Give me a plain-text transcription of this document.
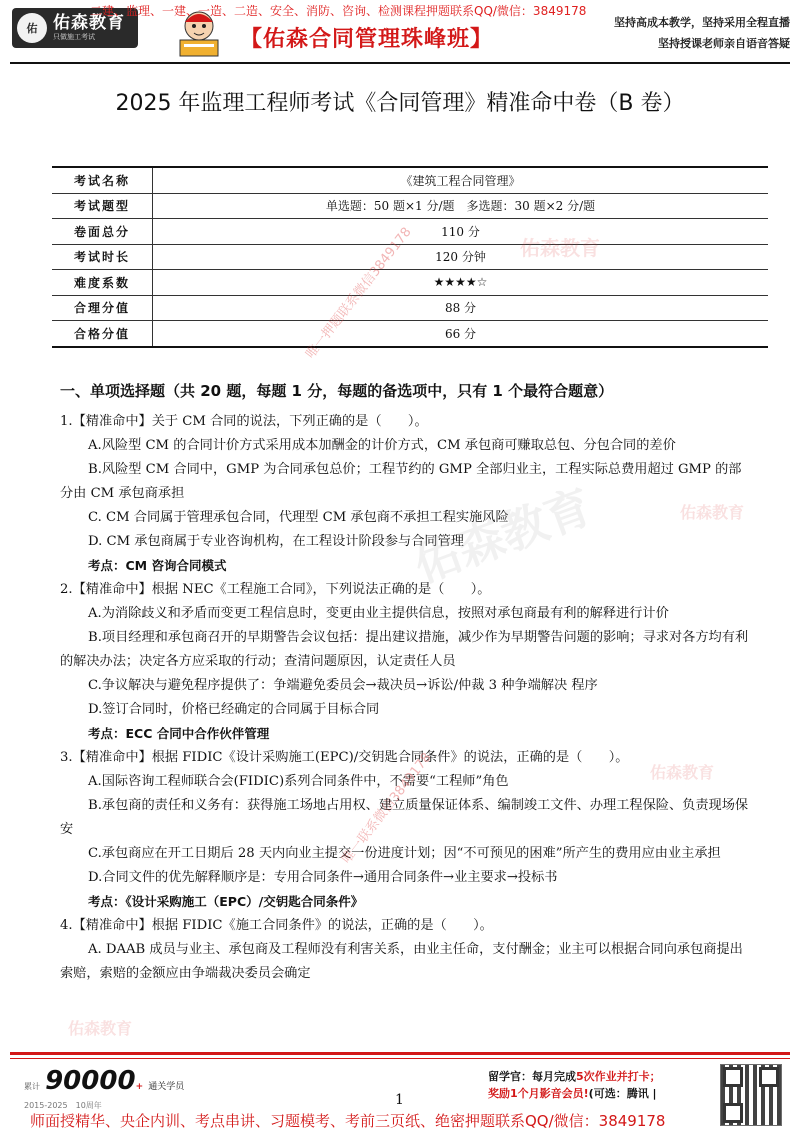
佑 佑森教育
只做施工考试
二建、监理、一建、一造、二造、安全、消防、咨询、检测课程押题联系QQ/微信：3849178
【佑森合同管理珠峰班】
坚持高成本教学，坚持采用全程直播
坚持授课老师亲自语音答疑
2025 年监理工程师考试《合同管理》精准命中卷（B 卷）
考试名称	《建筑工程合同管理》
考试题型	单选题：50 题×1 分/题　多选题：30 题×2 分/题
卷面总分	110 分
考试时长	120 分钟
难度系数	★★★★☆
合理分值	88 分
合格分值	66 分
一、单项选择题（共 20 题，每题 1 分，每题的备选项中，只有 1 个最符合题意）

1.【精准命中】关于 CM 合同的说法，下列正确的是（　　）。

A.风险型 CM 的合同计价方式采用成本加酬金的计价方式，CM 承包商可赚取总包、分包合同的差价

B.风险型 CM 合同中，GMP 为合同承包总价；工程节约的 GMP 全部归业主，工程实际总费用超过 GMP 的部分由 CM 承包商承担

C. CM 合同属于管理承包合同，代理型 CM 承包商不承担工程实施风险

D. CM 承包商属于专业咨询机构，在工程设计阶段参与合同管理

考点：CM 咨询合同模式

2.【精准命中】根据 NEC《工程施工合同》，下列说法正确的是（　　）。

A.为消除歧义和矛盾而变更工程信息时，变更由业主提供信息，按照对承包商最有利的解释进行计价

B.项目经理和承包商召开的早期警告会议包括：提出建议措施，减少作为早期警告问题的影响；寻求对各方均有利的解决办法；决定各方应采取的行动；查清问题原因，认定责任人员

C.争议解决与避免程序提供了：争端避免委员会→裁决员→诉讼/仲裁 3 种争端解决 程序

D.签订合同时，价格已经确定的合同属于目标合同

考点：ECC 合同中合作伙伴管理

3.【精准命中】根据 FIDIC《设计采购施工(EPC)/交钥匙合同条件》的说法，正确的是（　　）。

A.国际咨询工程师联合会(FIDIC)系列合同条件中，不需要“工程师”角色

B.承包商的责任和义务有：获得施工场地占用权、建立质量保证体系、编制竣工文件、办理工程保险、负责现场保安

C.承包商应在开工日期后 28 天内向业主提交一份进度计划；因“不可预见的困难”所产生的费用应由业主承担

D.合同文件的优先解释顺序是：专用合同条件→通用合同条件→业主要求→投标书

考点：《设计采购施工（EPC）/交钥匙合同条件》

4.【精准命中】根据 FIDIC《施工合同条件》的说法，正确的是（　　）。

A. DAAB 成员与业主、承包商及工程师没有利害关系，由业主任命，支付酬金；业主可以根据合同向承包商提出索赔，索赔的金额应由争端裁决委员会确定

唯一押题联系微信3849178
唯一联系微信3849178
佑森教育
佑森教育
佑森教育
佑森教育
佑森教育
累计 90000+ 通关学员
2015-2025　10周年	1
留学官：每月完成5次作业并打卡；
奖励1个月影音会员!(可选：腾讯 |
师面授精华、央企内训、考点串讲、习题模考、考前三页纸、绝密押题联系QQ/微信：3849178
